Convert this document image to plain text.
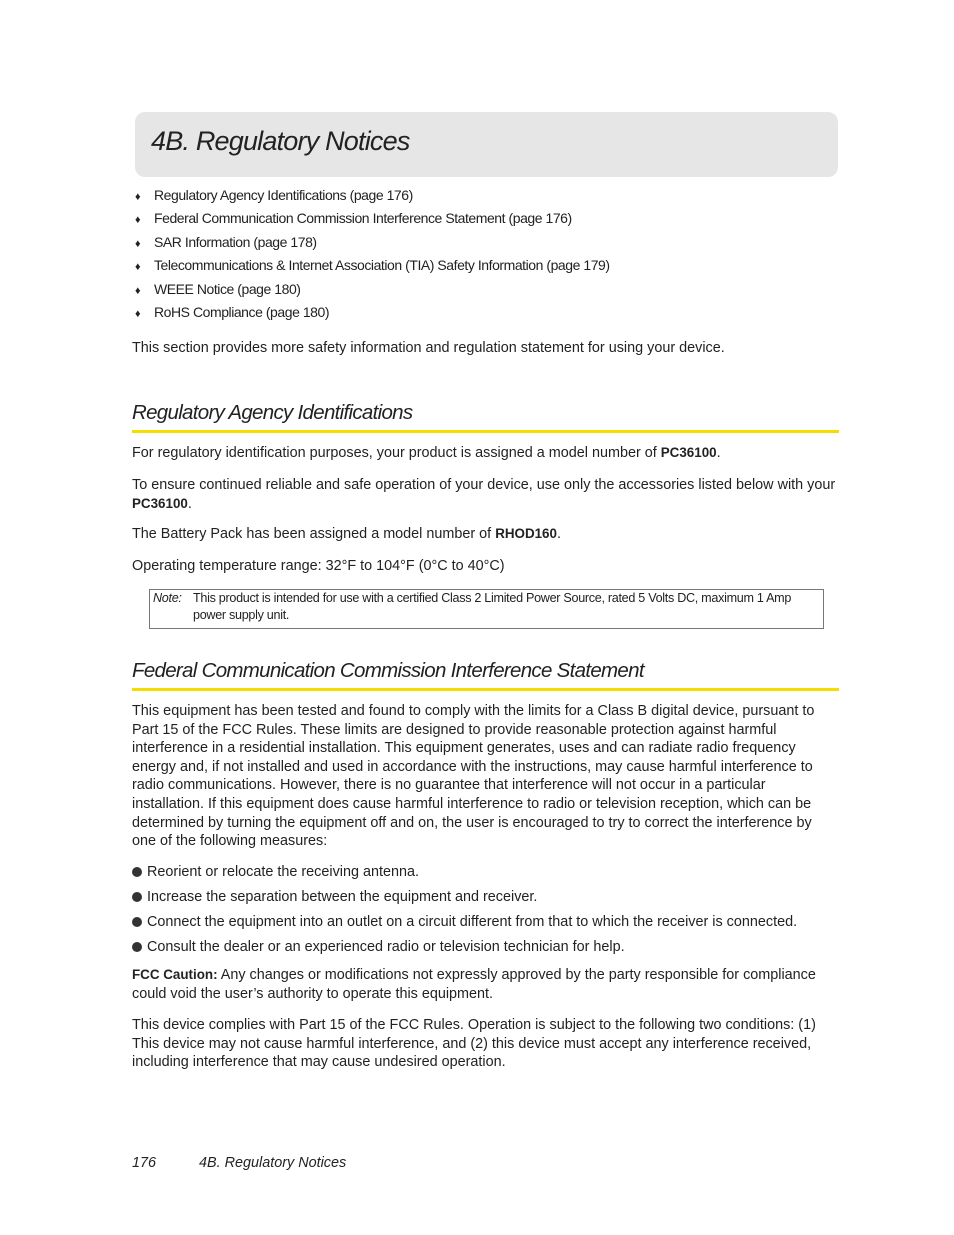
4B. Regulatory Notices
♦ Regulatory Agency Identifications (page 176)
♦ Federal Communication Commission Interference Statement (page 176)
♦ SAR Information (page 178)
♦ Telecommunications & Internet Association (TIA) Safety Information (page 179)
♦ WEEE Notice (page 180)
♦ RoHS Compliance (page 180)

This section provides more safety information and regulation statement for using your device.

Regulatory Agency Identifications

For regulatory identification purposes, your product is assigned a model number of PC36100.

To ensure continued reliable and safe operation of your device, use only the accessories listed below with your PC36100.

The Battery Pack has been assigned a model number of RHOD160.

Operating temperature range: 32°F to 104°F (0°C to 40°C)

Note: This product is intended for use with a certified Class 2 Limited Power Source, rated 5 Volts DC, maximum 1 Amp power supply unit.
Federal Communication Commission Interference Statement

This equipment has been tested and found to comply with the limits for a Class B digital device, pursuant to Part 15 of the FCC Rules. These limits are designed to provide reasonable protection against harmful interference in a residential installation. This equipment generates, uses and can radiate radio frequency energy and, if not installed and used in accordance with the instructions, may cause harmful interference to radio communications. However, there is no guarantee that interference will not occur in a particular installation. If this equipment does cause harmful interference to radio or television reception, which can be determined by turning the equipment off and on, the user is encouraged to try to correct the interference by one of the following measures:

Reorient or relocate the receiving antenna.
Increase the separation between the equipment and receiver.
Connect the equipment into an outlet on a circuit different from that to which the receiver is connected.
Consult the dealer or an experienced radio or television technician for help.

FCC Caution: Any changes or modifications not expressly approved by the party responsible for compliance could void the user’s authority to operate this equipment.

This device complies with Part 15 of the FCC Rules. Operation is subject to the following two conditions: (1) This device may not cause harmful interference, and (2) this device must accept any interference received, including interference that may cause undesired operation.

176	4B. Regulatory Notices
